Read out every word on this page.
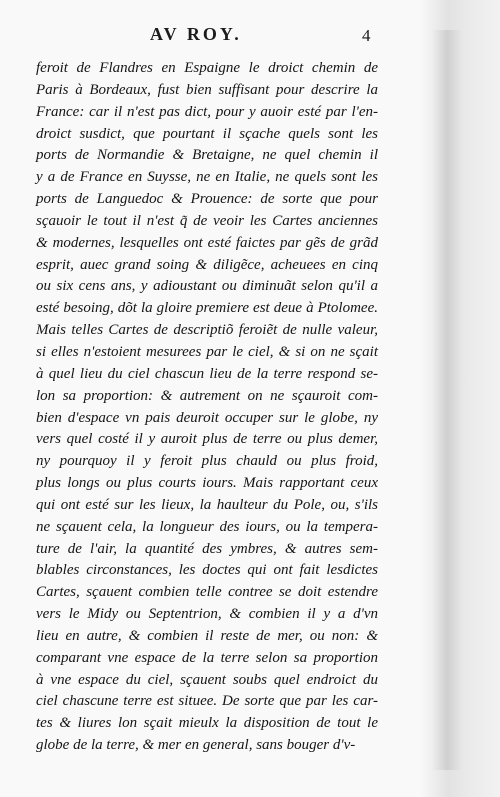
AV ROY.	4
feroit de Flandres en Espaigne le droict chemin de
Paris à Bordeaux, fust bien suffisant pour descrire la
France: car il n'est pas dict, pour y auoir esté par l'en-
droict susdict, que pourtant il sçache quels sont les
ports de Normandie & Bretaigne, ne quel chemin il
y a de France en Suysse, ne en Italie, ne quels sont les
ports de Languedoc & Prouence: de sorte que pour
sçauoir le tout il n'est q̃ de veoir les Cartes anciennes
& modernes, lesquelles ont esté faictes par gẽs de grãd
esprit, auec grand soing & diligẽce, acheuees en cinq
ou six cens ans, y adioustant ou diminuãt selon qu'il a
esté besoing, dõt la gloire premiere est deue à Ptolomee.
Mais telles Cartes de descriptiõ feroiẽt de nulle valeur,
si elles n'estoient mesurees par le ciel, & si on ne sçait
à quel lieu du ciel chascun lieu de la terre respond se-
lon sa proportion: & autrement on ne sçauroit com-
bien d'espace vn pais deuroit occuper sur le globe, ny
vers quel costé il y auroit plus de terre ou plus demer,
ny pourquoy il y feroit plus chauld ou plus froid,
plus longs ou plus courts iours. Mais rapportant ceux
qui ont esté sur les lieux, la haulteur du Pole, ou, s'ils
ne sçauent cela, la longueur des iours, ou la tempera-
ture de l'air, la quantité des ymbres, & autres sem-
blables circonstances, les doctes qui ont fait lesdictes
Cartes, sçauent combien telle contree se doit estendre
vers le Midy ou Septentrion, & combien il y a d'vn
lieu en autre, & combien il reste de mer, ou non: &
comparant vne espace de la terre selon sa proportion
à vne espace du ciel, sçauent soubs quel endroict du
ciel chascune terre est situee. De sorte que par les car-
tes & liures lon sçait mieulx la disposition de tout le
globe de la terre, & mer en general, sans bouger d'v-
